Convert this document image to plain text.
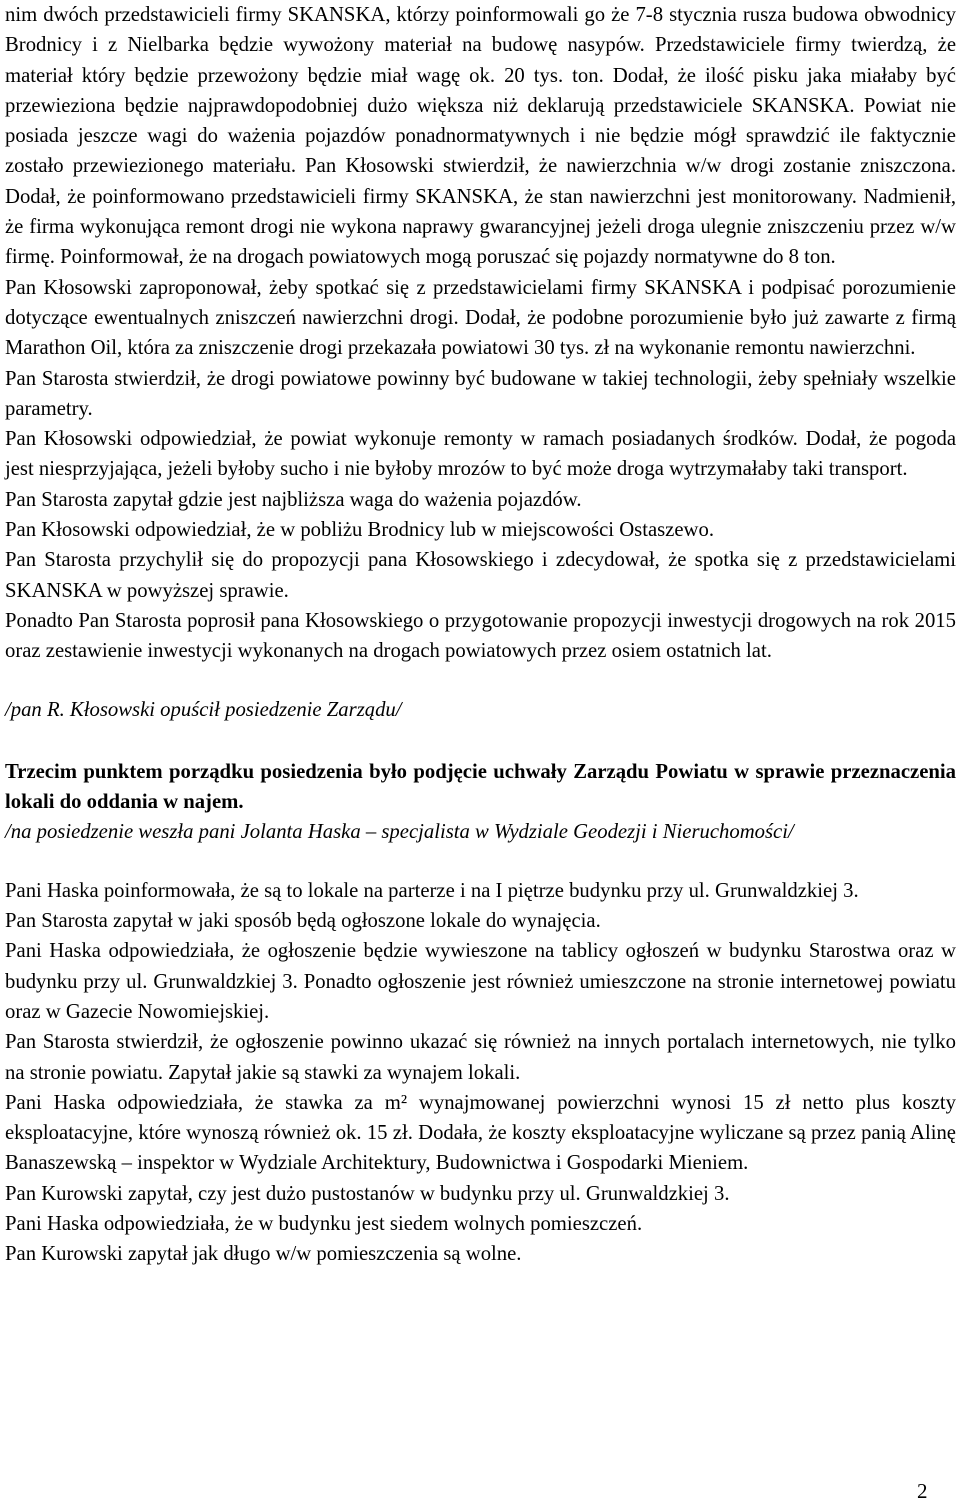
nim dwóch przedstawicieli firmy SKANSKA, którzy poinformowali go że 7-8 stycznia rusza budowa obwodnicy Brodnicy i z Nielbarka będzie wywożony materiał na budowę nasypów. Przedstawiciele firmy twierdzą, że materiał który będzie przewożony będzie miał wagę ok. 20 tys. ton. Dodał, że ilość pisku jaka miałaby być przewieziona będzie najprawdopodobniej dużo większa niż deklarują przedstawiciele SKANSKA. Powiat nie posiada jeszcze wagi do ważenia pojazdów ponadnormatywnych i nie będzie mógł sprawdzić ile faktycznie zostało przewiezionego materiału. Pan Kłosowski stwierdził, że nawierzchnia w/w drogi zostanie zniszczona. Dodał, że poinformowano przedstawicieli firmy SKANSKA, że stan nawierzchni jest monitorowany. Nadmienił, że firma wykonująca remont drogi nie wykona naprawy gwarancyjnej jeżeli droga ulegnie zniszczeniu przez w/w firmę. Poinformował, że na drogach powiatowych mogą poruszać się pojazdy normatywne do 8 ton.

Pan Kłosowski zaproponował, żeby spotkać się z przedstawicielami firmy SKANSKA i podpisać porozumienie dotyczące ewentualnych zniszczeń nawierzchni drogi. Dodał, że podobne porozumienie było już zawarte z firmą Marathon Oil, która za zniszczenie drogi przekazała powiatowi 30 tys. zł na wykonanie remontu nawierzchni.

Pan Starosta stwierdził, że drogi powiatowe powinny być budowane w takiej technologii, żeby spełniały wszelkie parametry.

Pan Kłosowski odpowiedział, że powiat wykonuje remonty w ramach posiadanych środków. Dodał, że pogoda jest niesprzyjająca, jeżeli byłoby sucho i nie byłoby mrozów to być może droga wytrzymałaby taki transport.

Pan Starosta zapytał gdzie jest najbliższa waga do ważenia pojazdów.

Pan Kłosowski odpowiedział, że w pobliżu Brodnicy lub w miejscowości Ostaszewo.

Pan Starosta przychylił się do propozycji pana Kłosowskiego i zdecydował, że spotka się z przedstawicielami SKANSKA w powyższej sprawie.

Ponadto Pan Starosta poprosił pana Kłosowskiego o przygotowanie propozycji inwestycji drogowych na rok 2015 oraz zestawienie inwestycji wykonanych na drogach powiatowych przez osiem ostatnich lat.

/pan R. Kłosowski opuścił posiedzenie Zarządu/

Trzecim punktem porządku posiedzenia było podjęcie uchwały Zarządu Powiatu w sprawie przeznaczenia lokali do oddania w najem.

/na posiedzenie weszła pani Jolanta Haska – specjalista w Wydziale Geodezji i Nieruchomości/

Pani Haska poinformowała, że są to lokale na parterze i na I piętrze budynku przy ul. Grunwaldzkiej 3.

Pan Starosta zapytał w jaki sposób będą ogłoszone lokale do wynajęcia.

Pani Haska odpowiedziała, że ogłoszenie będzie wywieszone na tablicy ogłoszeń w budynku Starostwa oraz w budynku przy ul. Grunwaldzkiej 3. Ponadto ogłoszenie jest również umieszczone na stronie internetowej powiatu oraz w Gazecie Nowomiejskiej.

Pan Starosta stwierdził, że ogłoszenie powinno ukazać się również na innych portalach internetowych, nie tylko na stronie powiatu. Zapytał jakie są stawki za wynajem lokali.

Pani Haska odpowiedziała, że stawka za m² wynajmowanej powierzchni wynosi 15 zł netto plus koszty eksploatacyjne, które wynoszą również ok. 15 zł. Dodała, że koszty eksploatacyjne wyliczane są przez panią Alinę Banaszewską – inspektor w Wydziale Architektury, Budownictwa i Gospodarki Mieniem.

Pan Kurowski zapytał, czy jest dużo pustostanów w budynku przy ul. Grunwaldzkiej 3.

Pani Haska odpowiedziała, że w budynku jest siedem wolnych pomieszczeń.

Pan Kurowski zapytał jak długo w/w pomieszczenia są wolne.

2
